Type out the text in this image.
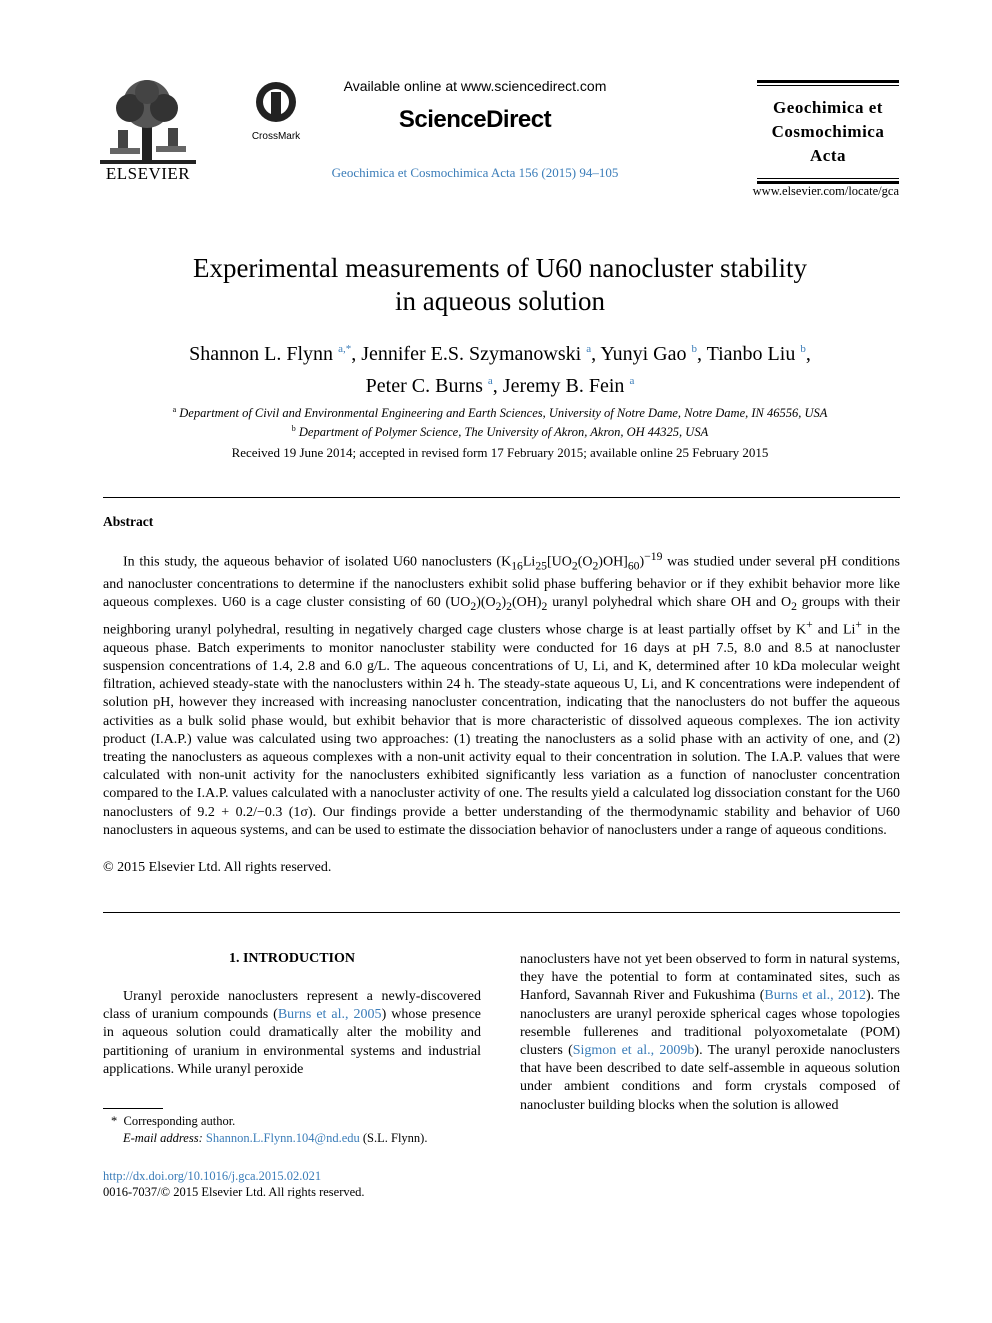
ELSEVIER
CrossMark
Available online at www.sciencedirect.com
ScienceDirect
Geochimica et Cosmochimica Acta 156 (2015) 94–105
Geochimica et
Cosmochimica
Acta
www.elsevier.com/locate/gca
Experimental measurements of U60 nanocluster stability
in aqueous solution
Shannon L. Flynn $^{a,*}$, Jennifer E.S. Szymanowski $^a$, Yunyi Gao $^b$, Tianbo Liu $^b$,
Peter C. Burns $^a$, Jeremy B. Fein $^a$
$^a$ Department of Civil and Environmental Engineering and Earth Sciences, University of Notre Dame, Notre Dame, IN 46556, USA
$^b$ Department of Polymer Science, The University of Akron, Akron, OH 44325, USA
Received 19 June 2014; accepted in revised form 17 February 2015; available online 25 February 2015
Abstract
In this study, the aqueous behavior of isolated U60 nanoclusters $(K_{16}Li_{25}[UO_2(O_2)OH]_{60})^{-19}$ was studied under several pH conditions and nanocluster concentrations to determine if the nanoclusters exhibit solid phase buffering behavior or if they exhibit behavior more like aqueous complexes. U60 is a cage cluster consisting of 60 $(UO_2)(O_2)_2(OH)_2$ uranyl polyhedral which share OH and $O_2$ groups with their neighboring uranyl polyhedral, resulting in negatively charged cage clusters whose charge is at least partially offset by K+ and Li+ in the aqueous phase. Batch experiments to monitor nanocluster stability were conducted for 16 days at pH 7.5, 8.0 and 8.5 at nanocluster suspension concentrations of 1.4, 2.8 and 6.0 g/L. The aqueous concentrations of U, Li, and K, determined after 10 kDa molecular weight filtration, achieved steady-state with the nanoclusters within 24 h. The steady-state aqueous U, Li, and K concentrations were independent of solution pH, however they increased with increasing nanocluster concentration, indicating that the nanoclusters do not buffer the aqueous activities as a bulk solid phase would, but exhibit behavior that is more characteristic of dissolved aqueous complexes. The ion activity product (I.A.P.) value was calculated using two approaches: (1) treating the nanoclusters as a solid phase with an activity of one, and (2) treating the nanoclusters as aqueous complexes with a non-unit activity equal to their concentration in solution. The I.A.P. values that were calculated with non-unit activity for the nanoclusters exhibited significantly less variation as a function of nanocluster concentration compared to the I.A.P. values calculated with a nanocluster activity of one. The results yield a calculated log dissociation constant for the U60 nanoclusters of 9.2 + 0.2/−0.3 (1σ). Our findings provide a better understanding of the thermodynamic stability and behavior of U60 nanoclusters in aqueous systems, and can be used to estimate the dissociation behavior of nanoclusters under a range of aqueous conditions.
© 2015 Elsevier Ltd. All rights reserved.
1. INTRODUCTION
Uranyl peroxide nanoclusters represent a newly-discovered class of uranium compounds (Burns et al., 2005) whose presence in aqueous solution could dramatically alter the mobility and partitioning of uranium in environmental systems and industrial applications. While uranyl peroxide
nanoclusters have not yet been observed to form in natural systems, they have the potential to form at contaminated sites, such as Hanford, Savannah River and Fukushima (Burns et al., 2012). The nanoclusters are uranyl peroxide spherical cages whose topologies resemble fullerenes and traditional polyoxometalate (POM) clusters (Sigmon et al., 2009b). The uranyl peroxide nanoclusters that have been described to date self-assemble in aqueous solution under ambient conditions and form crystals composed of nanocluster building blocks when the solution is allowed
* Corresponding author.
E-mail address: Shannon.L.Flynn.104@nd.edu (S.L. Flynn).
http://dx.doi.org/10.1016/j.gca.2015.02.021
0016-7037/© 2015 Elsevier Ltd. All rights reserved.
